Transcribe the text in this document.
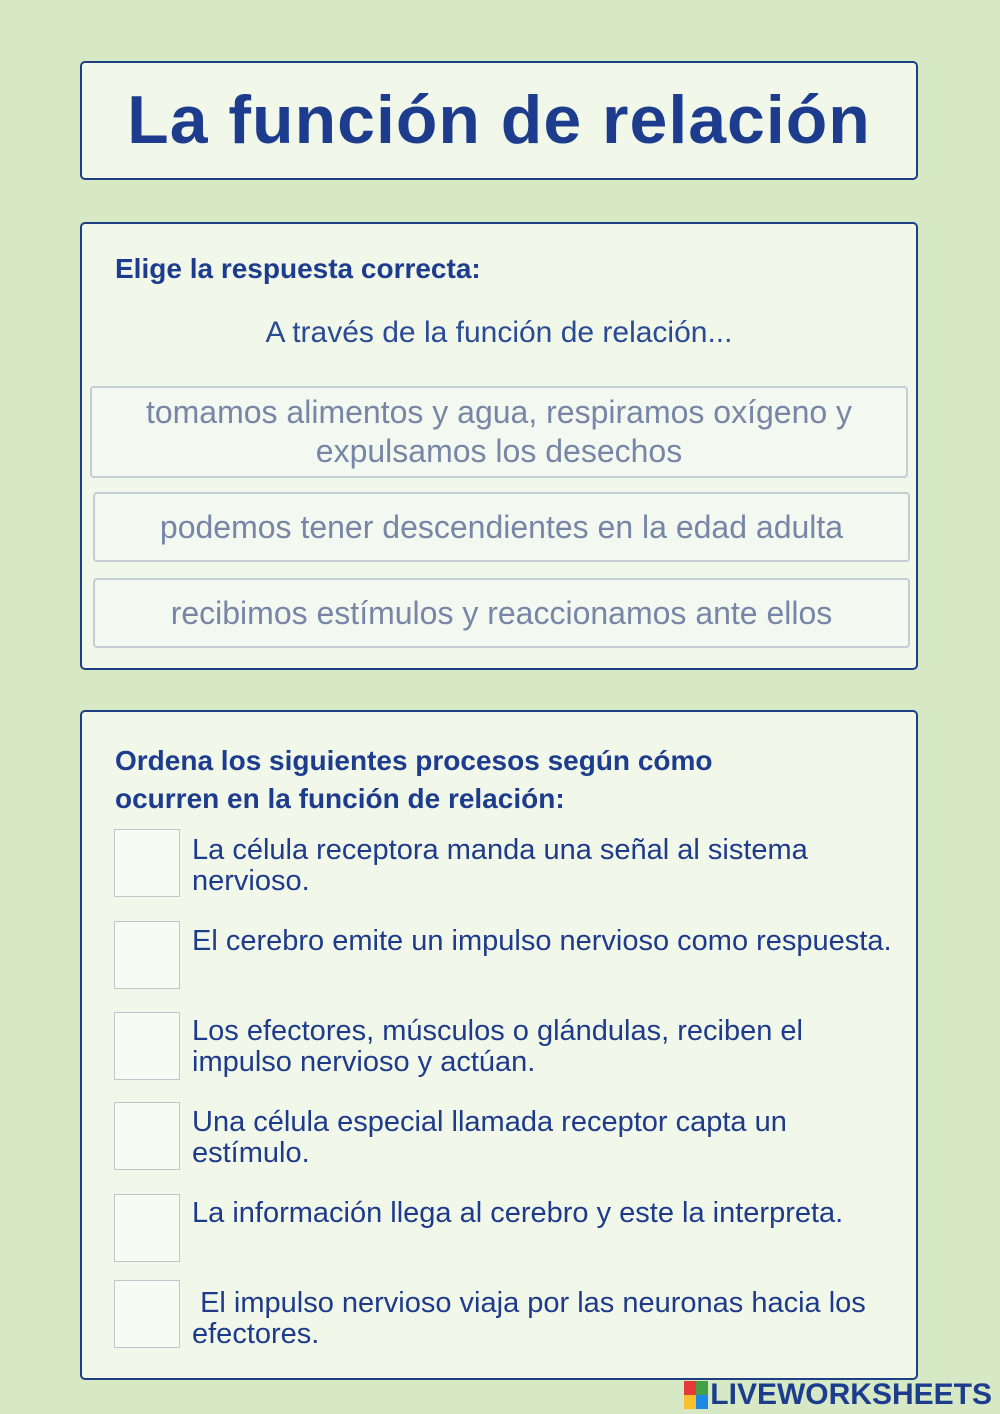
La función de relación
Elige la respuesta correcta:
A través de la función de relación...
tomamos alimentos y agua, respiramos oxígeno y expulsamos los desechos
podemos tener descendientes en la edad adulta
recibimos estímulos y reaccionamos ante ellos
Ordena los siguientes procesos según cómo ocurren en la función de relación:
La célula receptora manda una señal al sistema nervioso.
El cerebro emite un impulso nervioso como respuesta.
Los efectores, músculos o glándulas, reciben el impulso nervioso y actúan.
Una célula especial llamada receptor capta un estímulo.
La información llega al cerebro y este la interpreta.
El impulso nervioso viaja por las neuronas hacia los efectores.
LIVEWORKSHEETS
